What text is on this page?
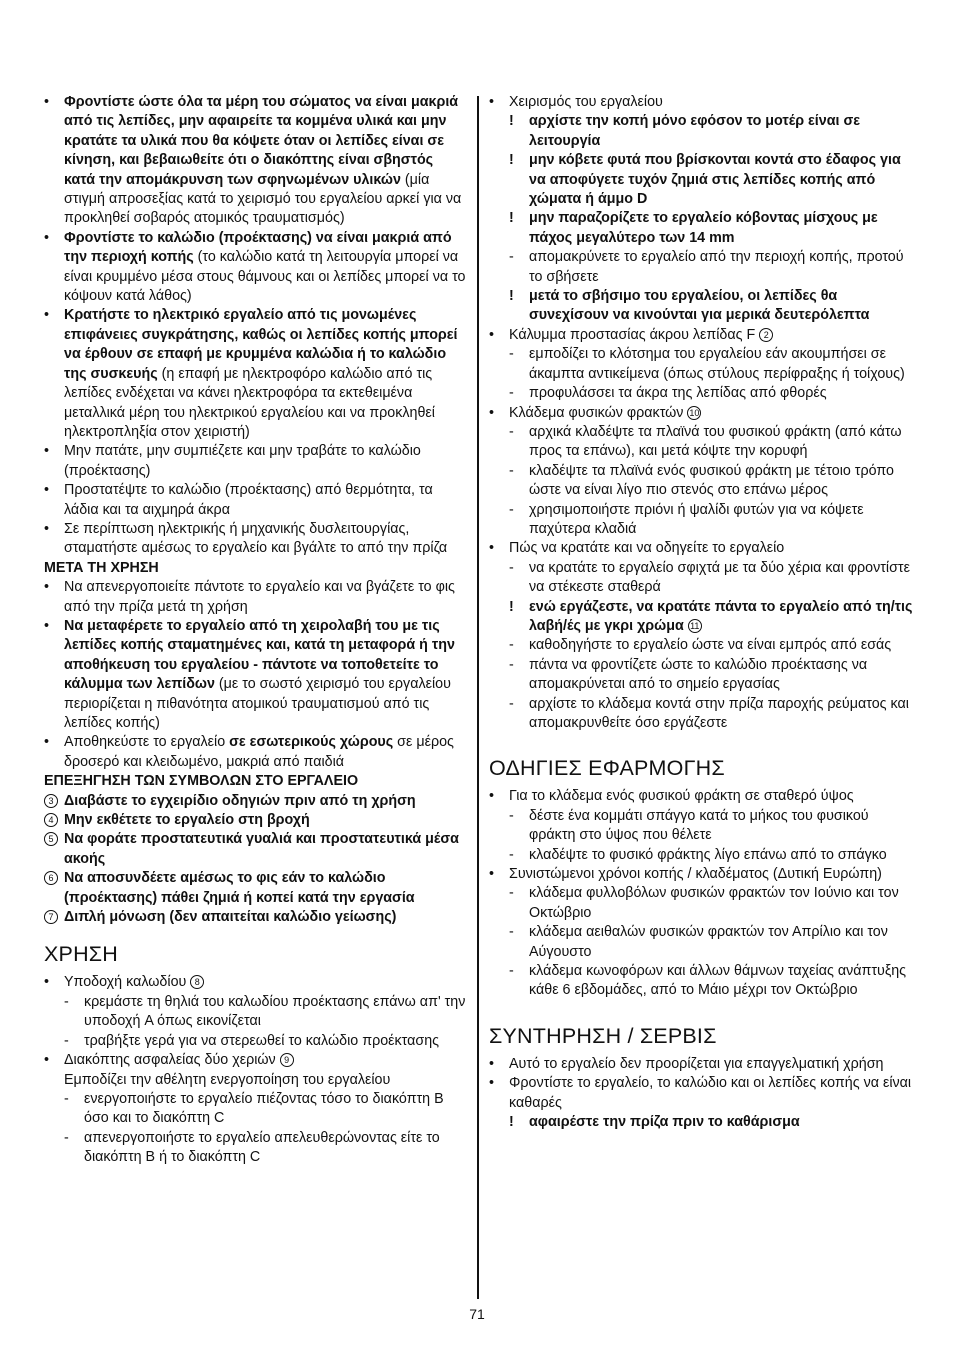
• Φροντίστε ώστε όλα τα μέρη του σώματος να είναι μακριά από τις λεπίδες, μην αφαιρείτε τα κομμένα υλικά και μην κρατάτε τα υλικά που θα κόψετε όταν οι λεπίδες είναι σε κίνηση, και βεβαιωθείτε ότι ο διακόπτης είναι σβηστός κατά την απομάκρυνση των σφηνωμένων υλικών (μία στιγμή απροσεξίας κατά το χειρισμό του εργαλείου αρκεί για να προκληθεί σοβαρός ατομικός τραυματισμός)
• Φροντίστε το καλώδιο (προέκτασης) να είναι μακριά από την περιοχή κοπής (το καλώδιο κατά τη λειτουργία μπορεί να είναι κρυμμένο μέσα στους θάμνους και οι λεπίδες μπορεί να το κόψουν κατά λάθος)
• Κρατήστε το ηλεκτρικό εργαλείο από τις μονωμένες επιφάνειες συγκράτησης, καθώς οι λεπίδες κοπής μπορεί να έρθουν σε επαφή με κρυμμένα καλώδια ή το καλώδιο της συσκευής (η επαφή με ηλεκτροφόρο καλώδιο από τις λεπίδες ενδέχεται να κάνει ηλεκτροφόρα τα εκτεθειμένα μεταλλικά μέρη του ηλεκτρικού εργαλείου και να προκληθεί ηλεκτροπληξία στον χειριστή)
• Μην πατάτε, μην συμπιέζετε και μην τραβάτε το καλώδιο (προέκτασης)
• Προστατέψτε το καλώδιο (προέκτασης) από θερμότητα, τα λάδια και τα αιχμηρά άκρα
• Σε περίπτωση ηλεκτρικής ή μηχανικής δυσλειτουργίας, σταματήστε αμέσως το εργαλείο και βγάλτε το από την πρίζα
ΜΕΤΑ ΤΗ ΧΡΗΣΗ
• Να απενεργοποιείτε πάντοτε το εργαλείο και να βγάζετε το φις από την πρίζα μετά τη χρήση
• Να μεταφέρετε το εργαλείο από τη χειρολαβή του με τις λεπίδες κοπής σταματημένες και, κατά τη μεταφορά ή την αποθήκευση του εργαλείου - πάντοτε να τοποθετείτε το κάλυμμα των λεπίδων (με το σωστό χειρισμό του εργαλείου περιορίζεται η πιθανότητα ατομικού τραυματισμού από τις λεπίδες κοπής)
• Αποθηκεύστε το εργαλείο σε εσωτερικούς χώρους σε μέρος δροσερό και κλειδωμένο, μακριά από παιδιά
ΕΠΕΞΗΓΗΣΗ ΤΩΝ ΣΥΜΒΟΛΩΝ ΣΤΟ ΕΡΓΑΛΕΙΟ
3 Διαβάστε το εγχειρίδιο οδηγιών πριν από τη χρήση
4 Μην εκθέτετε το εργαλείο στη βροχή
5 Να φοράτε προστατευτικά γυαλιά και προστατευτικά μέσα ακοής
6 Να αποσυνδέετε αμέσως το φις εάν το καλώδιο (προέκτασης) πάθει ζημιά ή κοπεί κατά την εργασία
7 Διπλή μόνωση (δεν απαιτείται καλώδιο γείωσης)
ΧΡΗΣΗ
• Υποδοχή καλωδίου 8
- κρεμάστε τη θηλιά του καλωδίου προέκτασης επάνω απ' την υποδοχή A όπως εικονίζεται
- τραβήξτε γερά για να στερεωθεί το καλώδιο προέκτασης
• Διακόπτης ασφαλείας δύο χεριών 9
Εμποδίζει την αθέλητη ενεργοποίηση του εργαλείου
- ενεργοποιήστε το εργαλείο πιέζοντας τόσο το διακόπτη B όσο και το διακόπτη C
- απενεργοποιήστε το εργαλείο απελευθερώνοντας είτε το διακόπτη B ή το διακόπτη C
• Χειρισμός του εργαλείου
! αρχίστε την κοπή μόνο εφόσον το μοτέρ είναι σε λειτουργία
! μην κόβετε φυτά που βρίσκονται κοντά στο έδαφος για να αποφύγετε τυχόν ζημιά στις λεπίδες κοπής από χώματα ή άμμο D
! μην παραζορίζετε το εργαλείο κόβοντας μίσχους με πάχος μεγαλύτερο των 14 mm
- απομακρύνετε το εργαλείο από την περιοχή κοπής, προτού το σβήσετε
! μετά το σβήσιμο του εργαλείου, οι λεπίδες θα συνεχίσουν να κινούνται για μερικά δευτερόλεπτα
• Κάλυμμα προστασίας άκρου λεπίδας F 2
- εμποδίζει το κλότσημα του εργαλείου εάν ακουμπήσει σε άκαμπτα αντικείμενα (όπως στύλους περίφραξης ή τοίχους)
- προφυλάσσει τα άκρα της λεπίδας από φθορές
• Κλάδεμα φυσικών φρακτών 10
- αρχικά κλαδέψτε τα πλαϊνά του φυσικού φράκτη (από κάτω προς τα επάνω), και μετά κόψτε την κορυφή
- κλαδέψτε τα πλαϊνά ενός φυσικού φράκτη με τέτοιο τρόπο ώστε να είναι λίγο πιο στενός στο επάνω μέρος
- χρησιμοποιήστε πριόνι ή ψαλίδι φυτών για να κόψετε παχύτερα κλαδιά
• Πώς να κρατάτε και να οδηγείτε το εργαλείο
- να κρατάτε το εργαλείο σφιχτά με τα δύο χέρια και φροντίστε να στέκεστε σταθερά
! ενώ εργάζεστε, να κρατάτε πάντα το εργαλείο από τη/τις λαβή/ές με γκρι χρώμα 11
- καθοδηγήστε το εργαλείο ώστε να είναι εμπρός από εσάς
- πάντα να φροντίζετε ώστε το καλώδιο προέκτασης να απομακρύνεται από το σημείο εργασίας
- αρχίστε το κλάδεμα κοντά στην πρίζα παροχής ρεύματος και απομακρυνθείτε όσο εργάζεστε
ΟΔΗΓΙΕΣ ΕΦΑΡΜΟΓΗΣ
• Για το κλάδεμα ενός φυσικού φράκτη σε σταθερό ύψος
- δέστε ένα κομμάτι σπάγγο κατά το μήκος του φυσικού φράκτη στο ύψος που θέλετε
- κλαδέψτε το φυσικό φράκτης λίγο επάνω από το σπάγκο
• Συνιστώμενοι χρόνοι κοπής / κλαδέματος (Δυτική Ευρώπη)
- κλάδεμα φυλλοβόλων φυσικών φρακτών τον Ιούνιο και τον Οκτώβριο
- κλάδεμα αειθαλών φυσικών φρακτών τον Απρίλιο και τον Αύγουστο
- κλάδεμα κωνοφόρων και άλλων θάμνων ταχείας ανάπτυξης κάθε 6 εβδομάδες, από το Μάιο μέχρι τον Οκτώβριο
ΣΥΝΤΗΡΗΣΗ / ΣΕΡΒΙΣ
• Αυτό το εργαλείο δεν προορίζεται για επαγγελματική χρήση
• Φροντίστε το εργαλείο, το καλώδιο και οι λεπίδες κοπής να είναι καθαρές
! αφαιρέστε την πρίζα πριν το καθάρισμα
71
